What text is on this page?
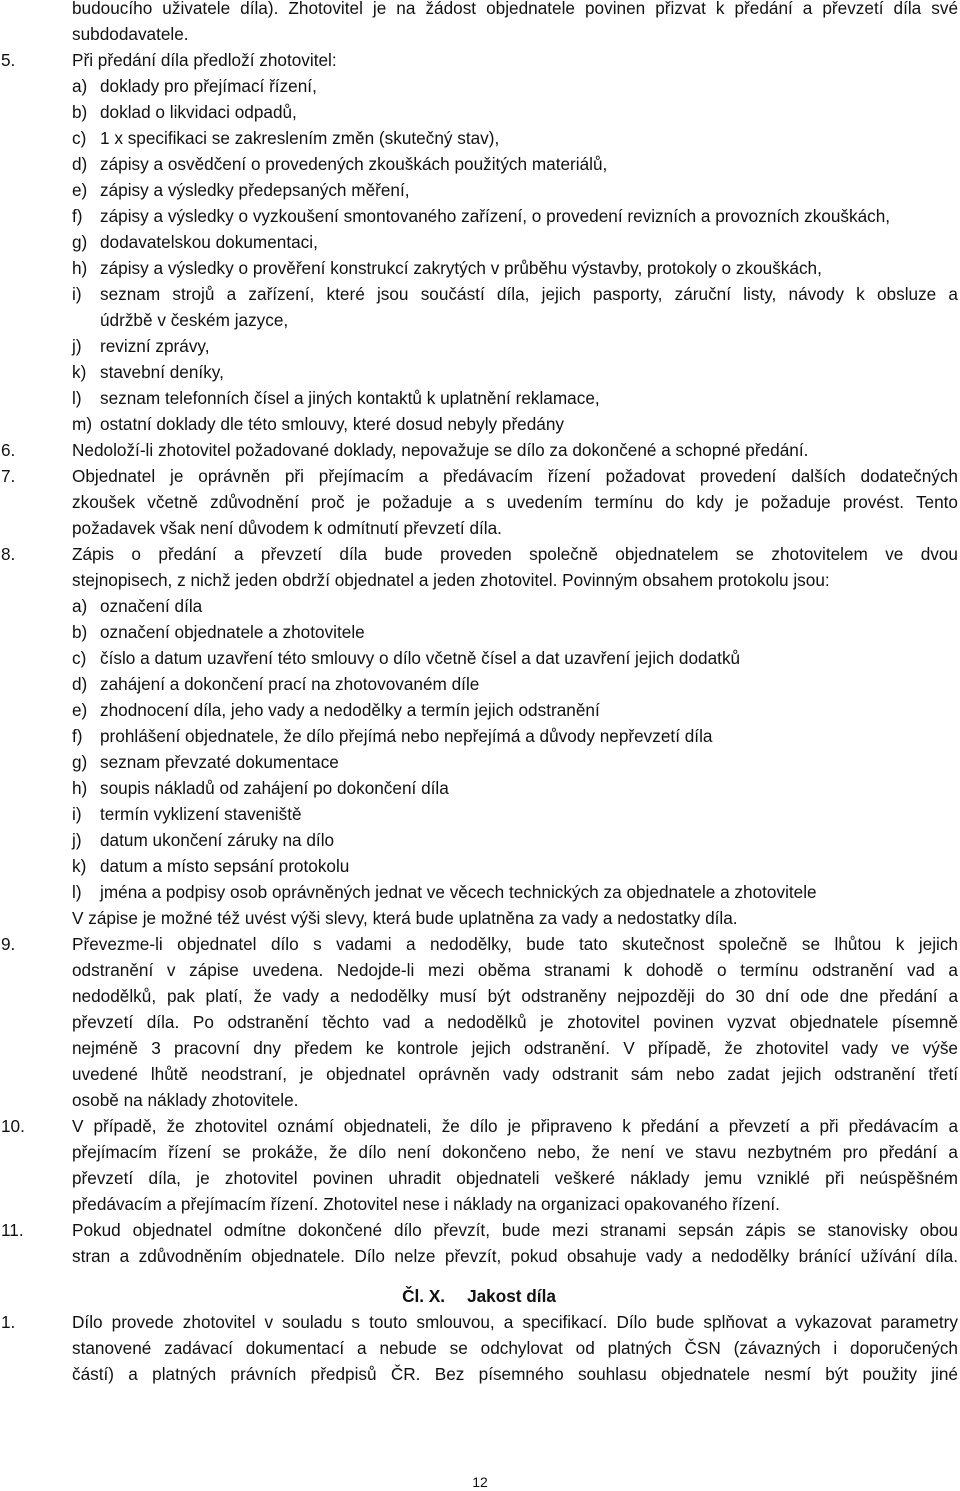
budoucího uživatele díla). Zhotovitel je na žádost objednatele povinen přizvat k předání a převzetí díla své
subdodavatele.
5.	Při předání díla předloží zhotovitel:
a) doklady pro přejímací řízení,
b) doklad o likvidaci odpadů,
c) 1 x specifikaci se zakreslením změn (skutečný stav),
d) zápisy a osvědčení o provedených zkouškách použitých materiálů,
e) zápisy a výsledky předepsaných měření,
f) zápisy a výsledky o vyzkoušení smontovaného zařízení, o provedení revizních a provozních zkouškách,
g) dodavatelskou dokumentaci,
h) zápisy a výsledky o prověření konstrukcí zakrytých v průběhu výstavby, protokoly o zkouškách,
i) seznam strojů a zařízení, které jsou součástí díla, jejich pasporty, záruční listy, návody k obsluze a
údržbě v českém jazyce,
j) revizní zprávy,
k) stavební deníky,
l) seznam telefonních čísel a jiných kontaktů k uplatnění reklamace,
m) ostatní doklady dle této smlouvy, které dosud nebyly předány
6.	Nedoloží-li zhotovitel požadované doklady, nepovažuje se dílo za dokončené a schopné předání.
7.	Objednatel je oprávněn při přejímacím a předávacím řízení požadovat provedení dalších dodatečných
zkoušek včetně zdůvodnění proč je požaduje a s uvedením termínu do kdy je požaduje provést. Tento
požadavek však není důvodem k odmítnutí převzetí díla.
8.	Zápis o předání a převzetí díla bude proveden společně objednatelem se zhotovitelem ve dvou
stejnopisech, z nichž jeden obdrží objednatel a jeden zhotovitel. Povinným obsahem protokolu jsou:
a) označení díla
b) označení objednatele a zhotovitele
c) číslo a datum uzavření této smlouvy o dílo včetně čísel a dat uzavření jejich dodatků
d) zahájení a dokončení prací na zhotovovaném díle
e) zhodnocení díla, jeho vady a nedodělky a termín jejich odstranění
f) prohlášení objednatele, že dílo přejímá nebo nepřejímá a důvody nepřevzetí díla
g) seznam převzaté dokumentace
h) soupis nákladů od zahájení po dokončení díla
i) termín vyklizení staveniště
j) datum ukončení záruky na dílo
k) datum a místo sepsání protokolu
l) jména a podpisy osob oprávněných jednat ve věcech technických za objednatele a zhotovitele
V zápise je možné též uvést výši slevy, která bude uplatněna za vady a nedostatky díla.
9.	Převezme-li objednatel dílo s vadami a nedodělky, bude tato skutečnost společně se lhůtou k jejich
odstranění v zápise uvedena. Nedojde-li mezi oběma stranami k dohodě o termínu odstranění vad a
nedodělků, pak platí, že vady a nedodělky musí být odstraněny nejpozději do 30 dní ode dne předání a
převzetí díla. Po odstranění těchto vad a nedodělků je zhotovitel povinen vyzvat objednatele písemně
nejméně 3 pracovní dny předem ke kontrole jejich odstranění. V případě, že zhotovitel vady ve výše
uvedené lhůtě neodstraní, je objednatel oprávněn vady odstranit sám nebo zadat jejich odstranění třetí
osobě na náklady zhotovitele.
10.	V případě, že zhotovitel oznámí objednateli, že dílo je připraveno k předání a převzetí a při předávacím a
přejímacím řízení se prokáže, že dílo není dokončeno nebo, že není ve stavu nezbytném pro předání a
převzetí díla, je zhotovitel povinen uhradit objednateli veškeré náklady jemu vzniklé při neúspěšném
předávacím a přejímacím řízení. Zhotovitel nese i náklady na organizaci opakovaného řízení.
11.	Pokud objednatel odmítne dokončené dílo převzít, bude mezi stranami sepsán zápis se stanovisky obou
stran a zdůvodněním objednatele. Dílo nelze převzít, pokud obsahuje vady a nedodělky bránící užívání díla.
Čl. X. Jakost díla
1.	Dílo provede zhotovitel v souladu s touto smlouvou, a specifikací. Dílo bude splňovat a vykazovat parametry
stanovené zadávací dokumentací a nebude se odchylovat od platných ČSN (závazných i doporučených
částí) a platných právních předpisů ČR. Bez písemného souhlasu objednatele nesmí být použity jiné
12
